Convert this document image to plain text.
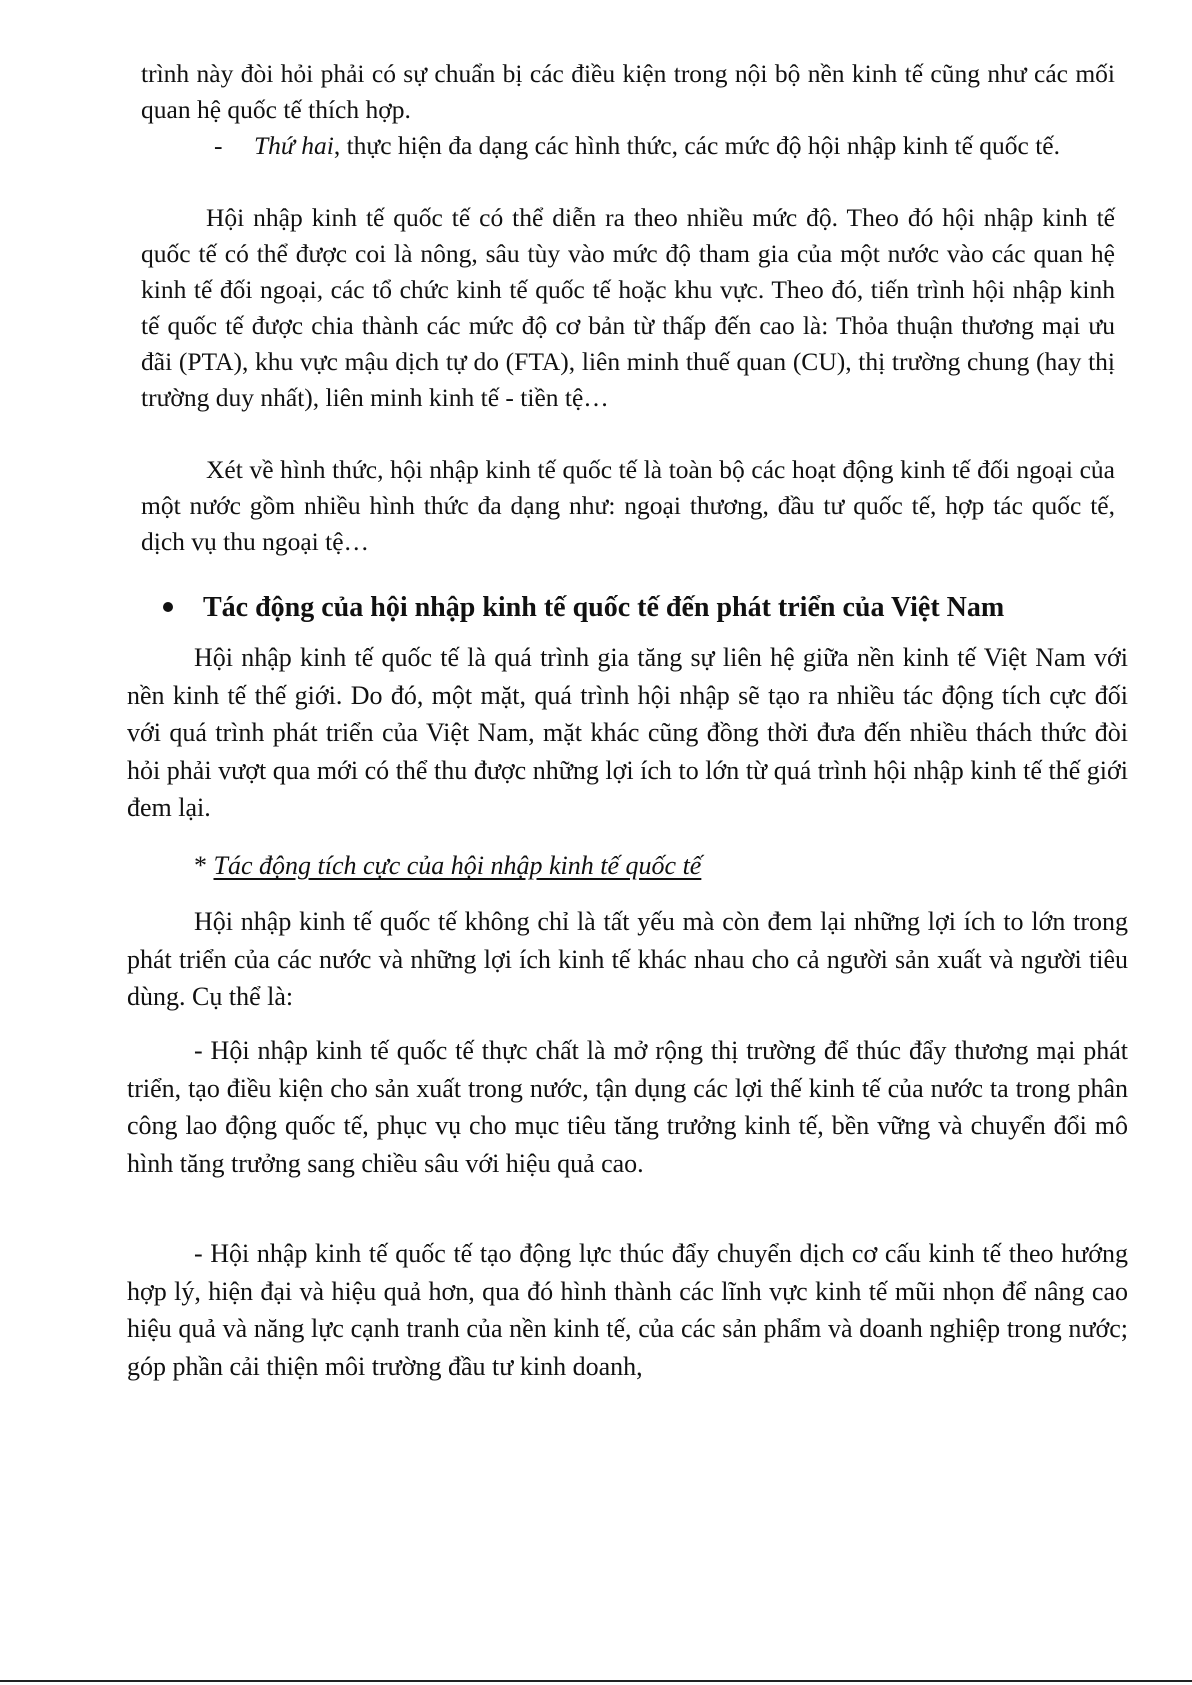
trình này đòi hỏi phải có sự chuẩn bị các điều kiện trong nội bộ nền kinh tế cũng như các mối quan hệ quốc tế thích hợp.

- Thứ hai, thực hiện đa dạng các hình thức, các mức độ hội nhập kinh tế quốc tế.

Hội nhập kinh tế quốc tế có thể diễn ra theo nhiều mức độ. Theo đó hội nhập kinh tế quốc tế có thể được coi là nông, sâu tùy vào mức độ tham gia của một nước vào các quan hệ kinh tế đối ngoại, các tổ chức kinh tế quốc tế hoặc khu vực. Theo đó, tiến trình hội nhập kinh tế quốc tế được chia thành các mức độ cơ bản từ thấp đến cao là: Thỏa thuận thương mại ưu đãi (PTA), khu vực mậu dịch tự do (FTA), liên minh thuế quan (CU), thị trường chung (hay thị trường duy nhất), liên minh kinh tế - tiền tệ…

Xét về hình thức, hội nhập kinh tế quốc tế là toàn bộ các hoạt động kinh tế đối ngoại của một nước gồm nhiều hình thức đa dạng như: ngoại thương, đầu tư quốc tế, hợp tác quốc tế, dịch vụ thu ngoại tệ…

Tác động của hội nhập kinh tế quốc tế đến phát triển của Việt Nam

Hội nhập kinh tế quốc tế là quá trình gia tăng sự liên hệ giữa nền kinh tế Việt Nam với nền kinh tế thế giới. Do đó, một mặt, quá trình hội nhập sẽ tạo ra nhiều tác động tích cực đối với quá trình phát triển của Việt Nam, mặt khác cũng đồng thời đưa đến nhiều thách thức đòi hỏi phải vượt qua mới có thể thu được những lợi ích to lớn từ quá trình hội nhập kinh tế thế giới đem lại.

* Tác động tích cực của hội nhập kinh tế quốc tế

Hội nhập kinh tế quốc tế không chỉ là tất yếu mà còn đem lại những lợi ích to lớn trong phát triển của các nước và những lợi ích kinh tế khác nhau cho cả người sản xuất và người tiêu dùng. Cụ thể là:

- Hội nhập kinh tế quốc tế thực chất là mở rộng thị trường để thúc đẩy thương mại phát triển, tạo điều kiện cho sản xuất trong nước, tận dụng các lợi thế kinh tế của nước ta trong phân công lao động quốc tế, phục vụ cho mục tiêu tăng trưởng kinh tế, bền vững và chuyển đổi mô hình tăng trưởng sang chiều sâu với hiệu quả cao.

- Hội nhập kinh tế quốc tế tạo động lực thúc đẩy chuyển dịch cơ cấu kinh tế theo hướng hợp lý, hiện đại và hiệu quả hơn, qua đó hình thành các lĩnh vực kinh tế mũi nhọn để nâng cao hiệu quả và năng lực cạnh tranh của nền kinh tế, của các sản phẩm và doanh nghiệp trong nước; góp phần cải thiện môi trường đầu tư kinh doanh,
